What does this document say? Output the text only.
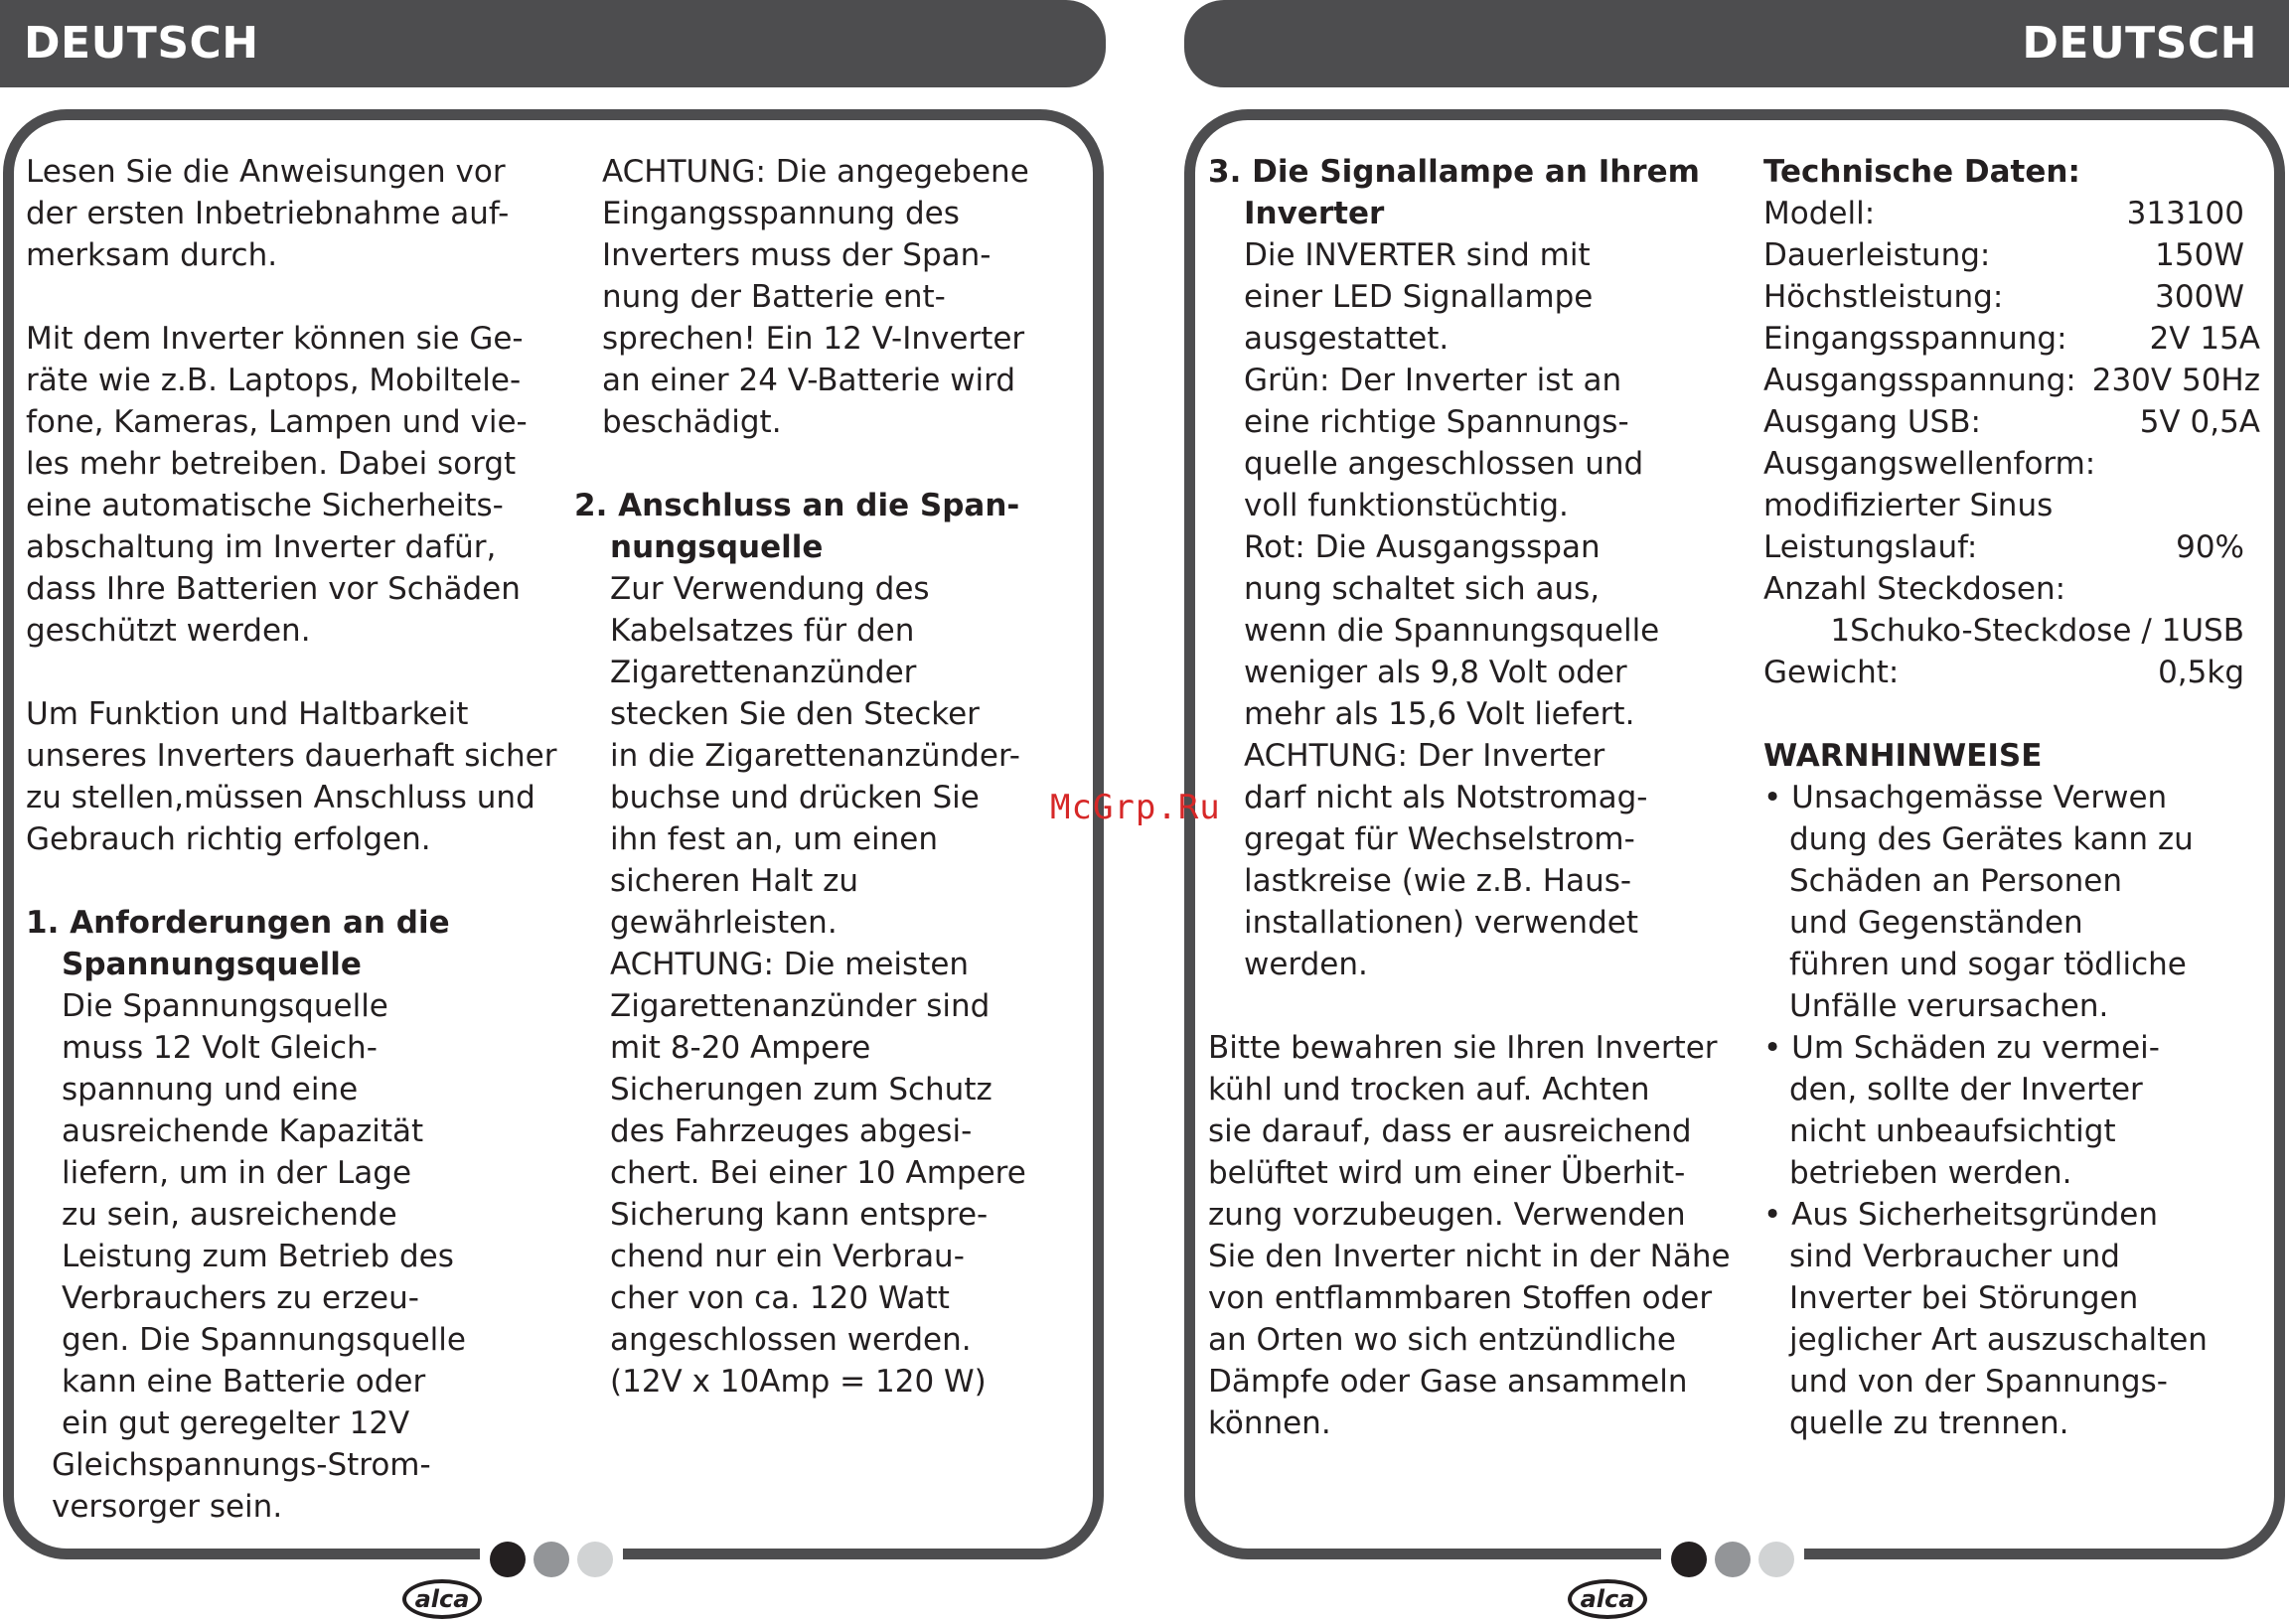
DEUTSCH	DEUTSCH

Lesen Sie die Anweisungen vor

der ersten Inbetriebnahme auf-

merksam durch.

Mit dem Inverter können sie Ge-

räte wie z.B. Laptops, Mobiltele-

fone, Kameras, Lampen und vie-

les mehr betreiben. Dabei sorgt

eine automatische Sicherheits-

abschaltung im Inverter dafür,

dass Ihre Batterien vor Schäden

geschützt werden.

Um Funktion und Haltbarkeit

unseres Inverters dauerhaft sicher

zu stellen,müssen Anschluss und

Gebrauch richtig erfolgen.

1. Anforderungen an die

Spannungsquelle

Die Spannungsquelle

muss 12 Volt Gleich-

spannung und eine

ausreichende Kapazität

liefern, um in der Lage

zu sein, ausreichende

Leistung zum Betrieb des

Verbrauchers zu erzeu-

gen. Die Spannungsquelle

kann eine Batterie oder

ein gut geregelter 12V

Gleichspannungs-Strom-

versorger sein.

ACHTUNG: Die angegebene

Eingangsspannung des

Inverters muss der Span-

nung der Batterie ent-

sprechen! Ein 12 V-Inverter

an einer 24 V-Batterie wird

beschädigt.

2. Anschluss an die Span-

nungsquelle

Zur Verwendung des

Kabelsatzes für den

Zigarettenanzünder

stecken Sie den Stecker

in die Zigarettenanzünder-

buchse und drücken Sie

ihn fest an, um einen

sicheren Halt zu

gewährleisten.

ACHTUNG: Die meisten

Zigarettenanzünder sind

mit 8-20 Ampere

Sicherungen zum Schutz

des Fahrzeuges abgesi-

chert. Bei einer 10 Ampere

Sicherung kann entspre-

chend nur ein Verbrau-

cher von ca. 120 Watt

angeschlossen werden.

(12V x 10Amp = 120 W)

3. Die Signallampe an Ihrem

Inverter

Die INVERTER sind mit

einer LED Signallampe

ausgestattet.

Grün: Der Inverter ist an

eine richtige Spannungs-

quelle angeschlossen und

voll funktionstüchtig.

Rot: Die Ausgangsspan

nung schaltet sich aus,

wenn die Spannungsquelle

weniger als 9,8 Volt oder

mehr als 15,6 Volt liefert.

ACHTUNG: Der Inverter

darf nicht als Notstromag-

gregat für Wechselstrom-

lastkreise (wie z.B. Haus-

installationen) verwendet

werden.

Bitte bewahren sie Ihren Inverter

kühl und trocken auf. Achten

sie darauf, dass er ausreichend

belüftet wird um einer Überhit-

zung vorzubeugen. Verwenden

Sie den Inverter nicht in der Nähe

von entflammbaren Stoffen oder

an Orten wo sich entzündliche

Dämpfe oder Gase ansammeln

können.

Technische Daten:

Modell:	313100
Dauerleistung:	150W
Höchstleistung:	300W
Eingangsspannung:	2V 15A
Ausgangsspannung: 230V 50Hz
Ausgang USB:	5V 0,5A

Ausgangswellenform:

modifizierter Sinus

Leistungslauf:	90%

Anzahl Steckdosen:

1Schuko-Steckdose / 1USB

Gewicht:	0,5kg

WARNHINWEISE

• Unsachgemässe Verwen

dung des Gerätes kann zu

Schäden an Personen

und Gegenständen

führen und sogar tödliche

Unfälle verursachen.

• Um Schäden zu vermei-

den, sollte der Inverter

nicht unbeaufsichtigt

betrieben werden.

• Aus Sicherheitsgründen

sind Verbraucher und

Inverter bei Störungen

jeglicher Art auszuschalten

und von der Spannungs-

quelle zu trennen.

alca	alca
McGrp.Ru
